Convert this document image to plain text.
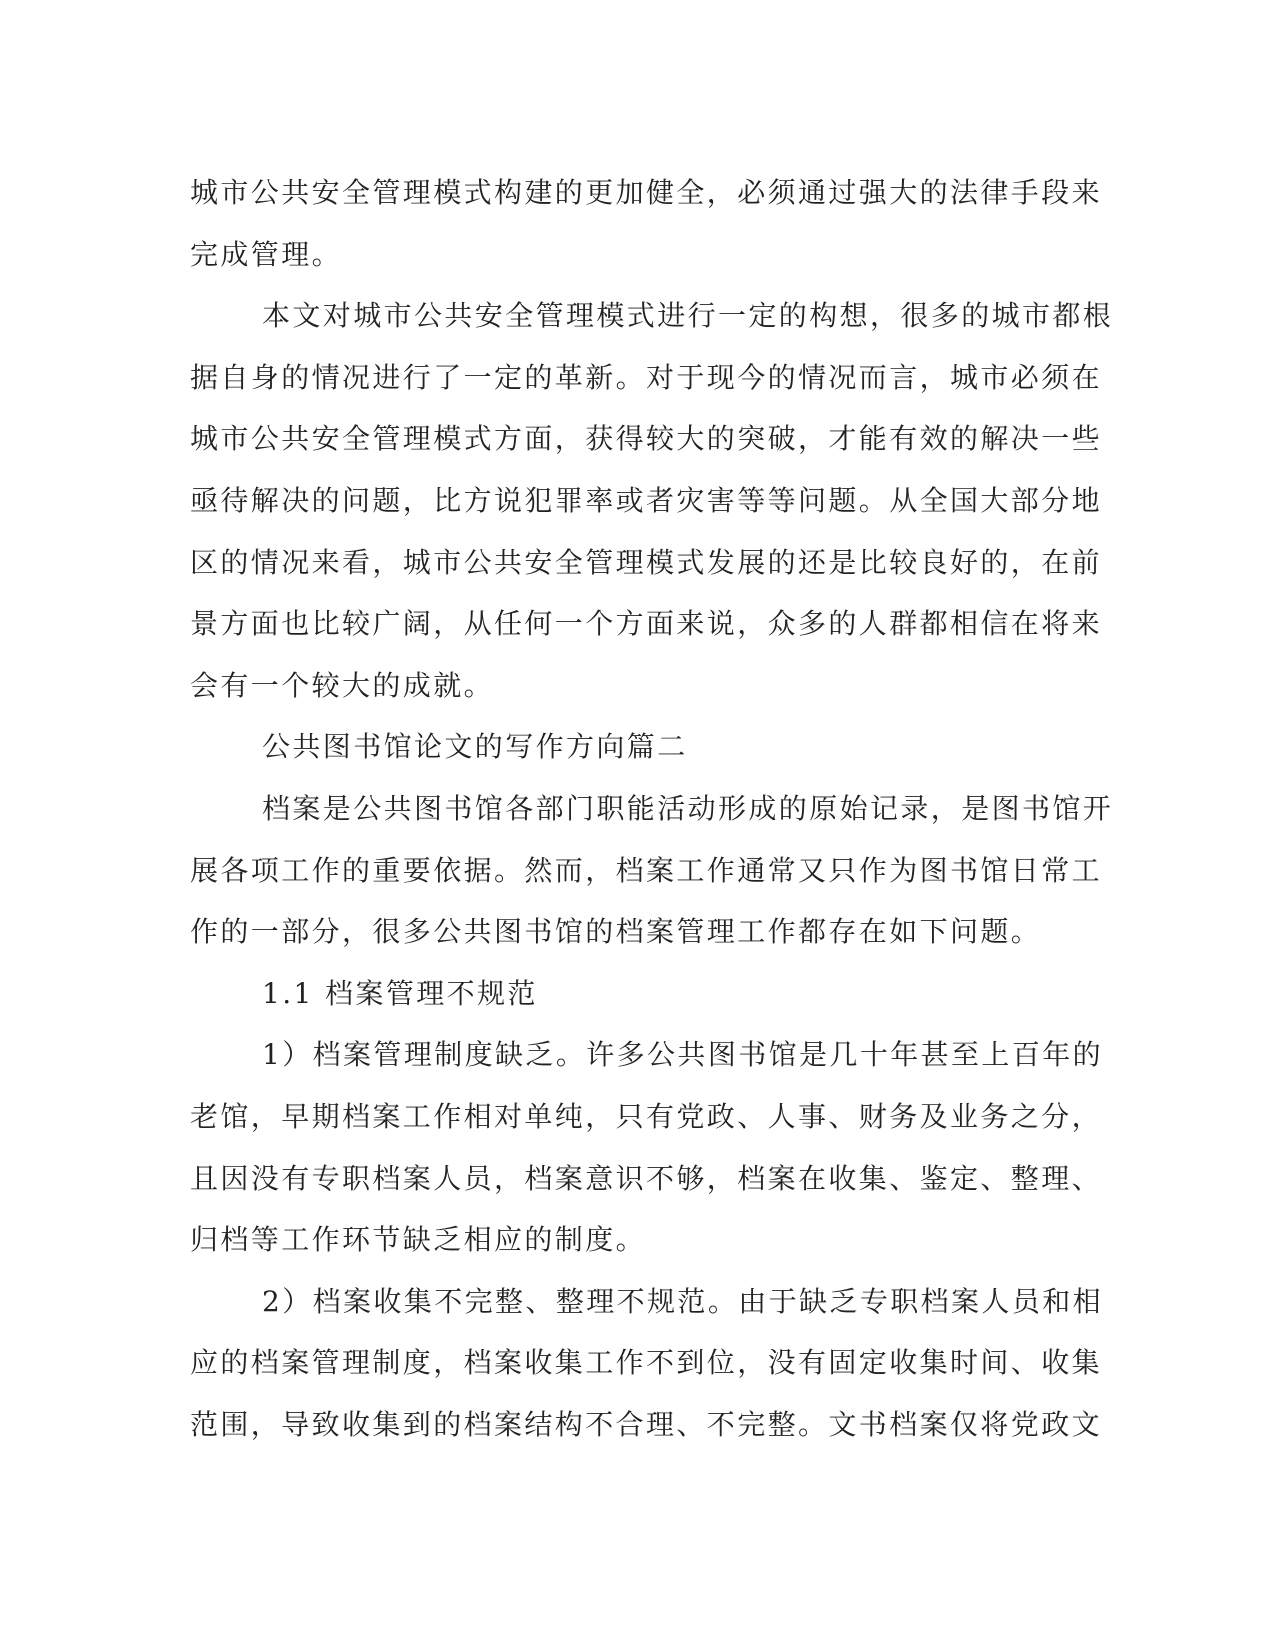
城市公共安全管理模式构建的更加健全，必须通过强大的法律手段来
完成管理。
本文对城市公共安全管理模式进行一定的构想，很多的城市都根
据自身的情况进行了一定的革新。对于现今的情况而言，城市必须在
城市公共安全管理模式方面，获得较大的突破，才能有效的解决一些
亟待解决的问题，比方说犯罪率或者灾害等等问题。从全国大部分地
区的情况来看，城市公共安全管理模式发展的还是比较良好的，在前
景方面也比较广阔，从任何一个方面来说，众多的人群都相信在将来
会有一个较大的成就。
公共图书馆论文的写作方向篇二
档案是公共图书馆各部门职能活动形成的原始记录，是图书馆开
展各项工作的重要依据。然而，档案工作通常又只作为图书馆日常工
作的一部分，很多公共图书馆的档案管理工作都存在如下问题。
1.1 档案管理不规范
1）档案管理制度缺乏。许多公共图书馆是几十年甚至上百年的
老馆，早期档案工作相对单纯，只有党政、人事、财务及业务之分，
且因没有专职档案人员，档案意识不够，档案在收集、鉴定、整理、
归档等工作环节缺乏相应的制度。
2）档案收集不完整、整理不规范。由于缺乏专职档案人员和相
应的档案管理制度，档案收集工作不到位，没有固定收集时间、收集
范围，导致收集到的档案结构不合理、不完整。文书档案仅将党政文
